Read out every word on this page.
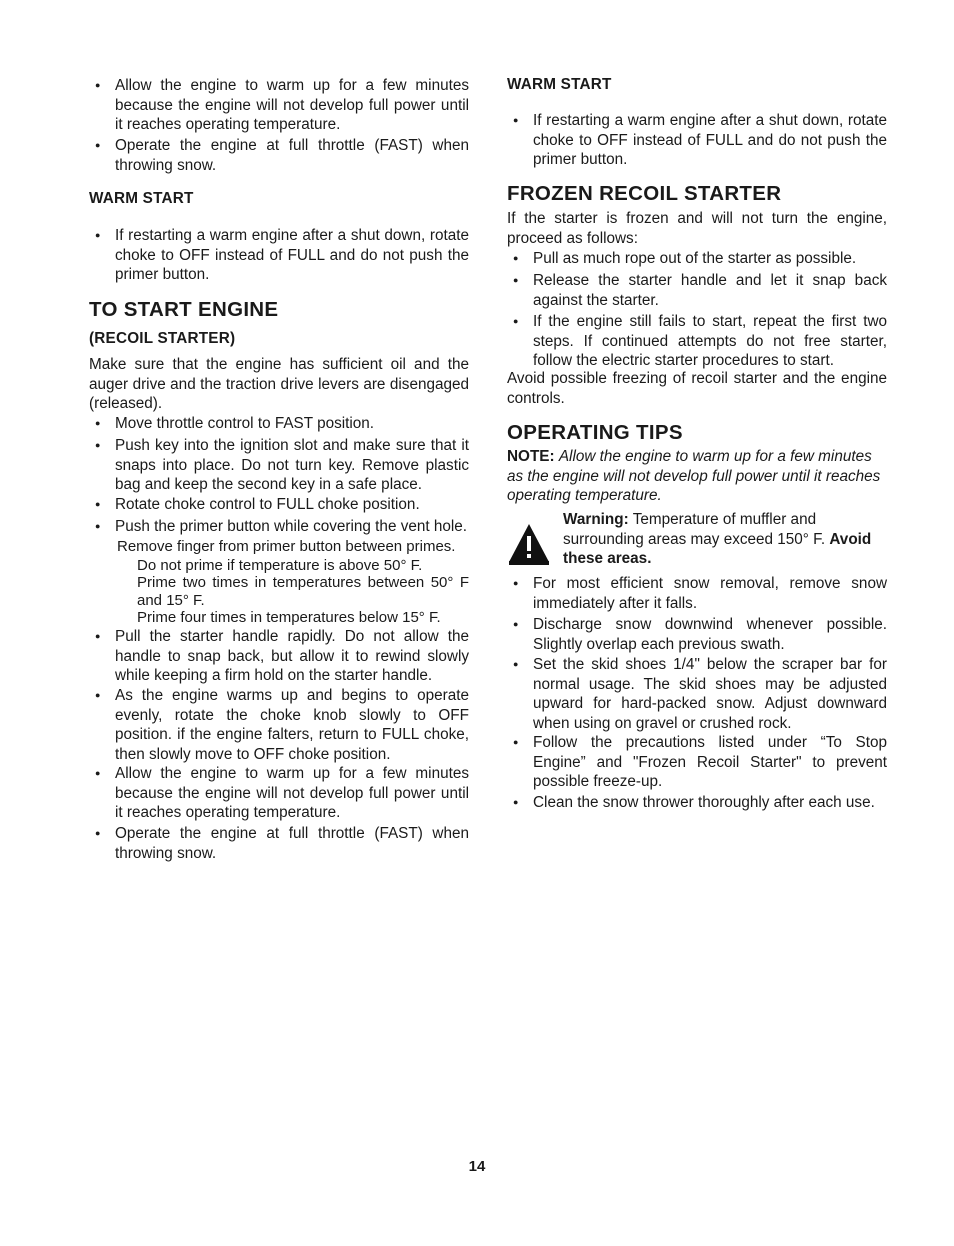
● Allow the engine to warm up for a few minutes because the engine will not develop full power until it reaches operating temperature.

● Operate the engine at full throttle (FAST) when throwing snow.

WARM START

● If restarting a warm engine after a shut down, rotate choke to OFF instead of FULL and do not push the primer button.

TO START ENGINE

(RECOIL STARTER)

Make sure that the engine has sufficient oil and the auger drive and the traction drive levers are disengaged (released).

● Move throttle control to FAST position.

● Push key into the ignition slot and make sure that it snaps into place. Do not turn key. Remove plastic bag and keep the second key in a safe place.

● Rotate choke control to FULL choke position.

● Push the primer button while covering the vent hole.

Remove finger from primer button between primes.

Do not prime if temperature is above 50° F.

Prime two times in temperatures between 50° F and 15° F.

Prime four times in temperatures below 15° F.

● Pull the starter handle rapidly. Do not allow the handle to snap back, but allow it to rewind slowly while keeping a firm hold on the starter handle.

● As the engine warms up and begins to operate evenly, rotate the choke knob slowly to OFF position. if the engine falters, return to FULL choke, then slowly move to OFF choke position.

● Allow the engine to warm up for a few minutes because the engine will not develop full power until it reaches operating temperature.

● Operate the engine at full throttle (FAST) when throwing snow.

WARM START

● If restarting a warm engine after a shut down, rotate choke to OFF instead of FULL and do not push the primer button.

FROZEN RECOIL STARTER

If the starter is frozen and will not turn the engine, proceed as follows:

● Pull as much rope out of the starter as possible.

● Release the starter handle and let it snap back against the starter.

● If the engine still fails to start, repeat the first two steps. If continued attempts do not free starter, follow the electric starter procedures to start.

Avoid possible freezing of recoil starter and the engine controls.

OPERATING TIPS

NOTE: Allow the engine to warm up for a few minutes as the engine will not develop full power until it reaches operating temperature.

Warning: Temperature of muffler and surrounding areas may exceed 150° F. Avoid these areas.

● For most efficient snow removal, remove snow immediately after it falls.

● Discharge snow downwind whenever possible. Slightly overlap each previous swath.

● Set the skid shoes 1/4" below the scraper bar for normal usage. The skid shoes may be adjusted upward for hard-packed snow. Adjust downward when using on gravel or crushed rock.

● Follow the precautions listed under “To Stop Engine” and "Frozen Recoil Starter" to prevent possible freeze-up.

● Clean the snow thrower thoroughly after each use.

14
